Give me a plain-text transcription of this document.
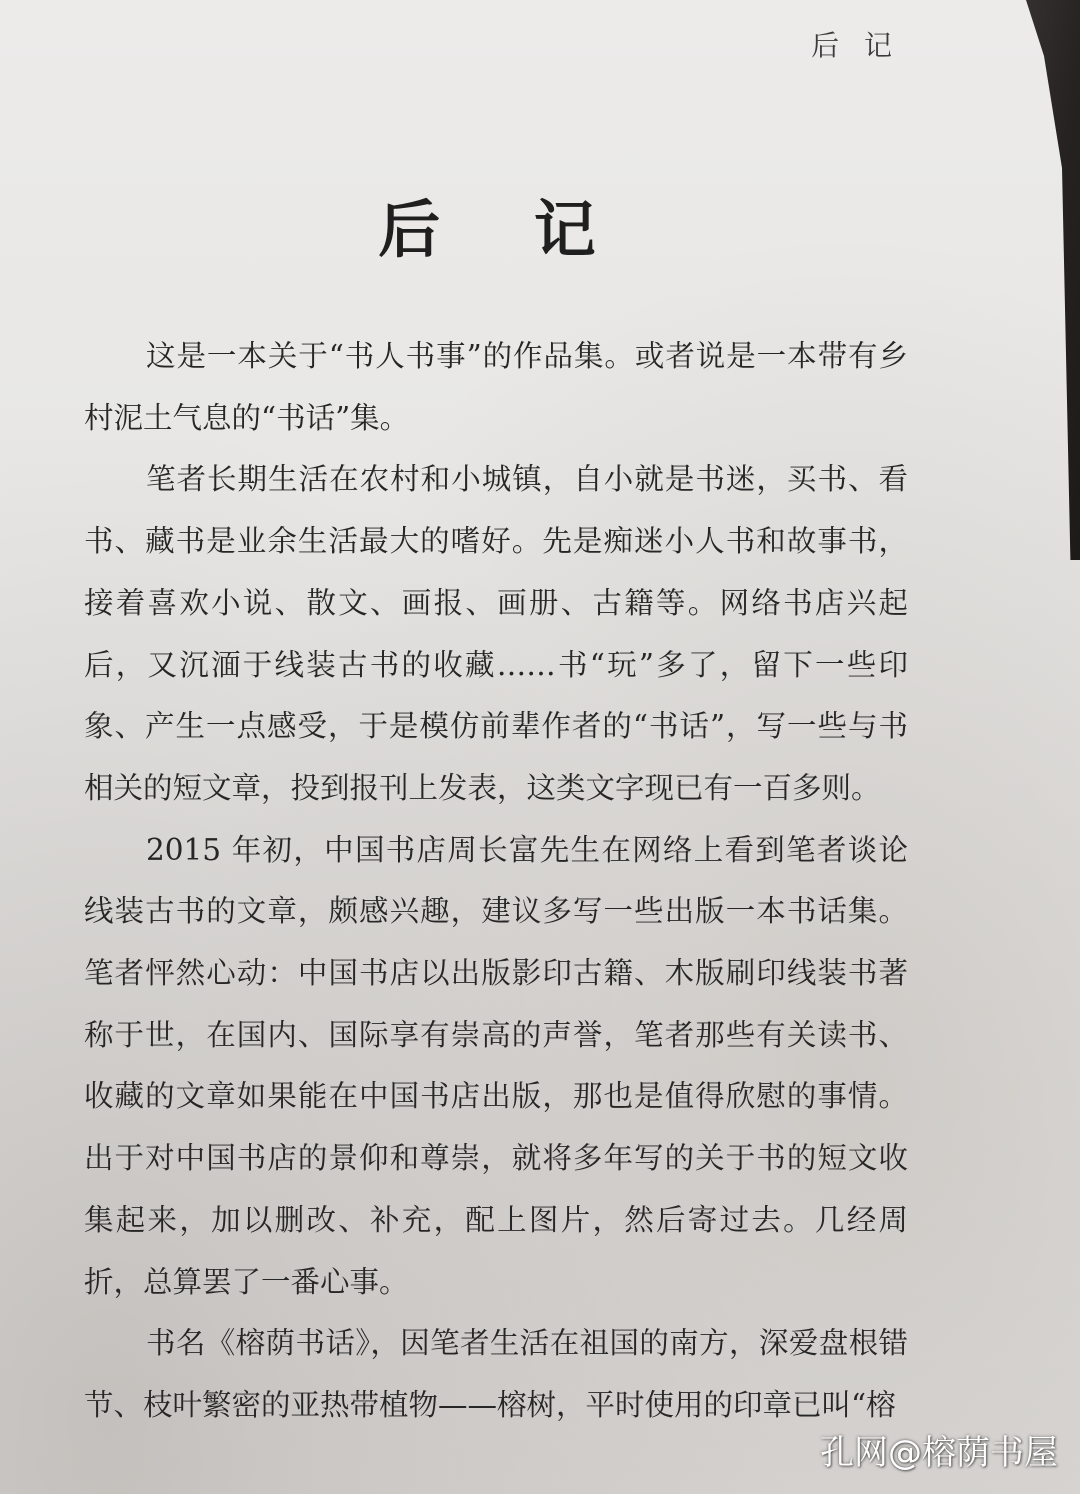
后 记
后 记

这是一本关于“书人书事”的作品集。或者说是一本带有乡村泥土气息的“书话”集。

笔者长期生活在农村和小城镇，自小就是书迷，买书、看书、藏书是业余生活最大的嗜好。先是痴迷小人书和故事书，接着喜欢小说、散文、画报、画册、古籍等。网络书店兴起后，又沉湎于线装古书的收藏……书“玩”多了，留下一些印象、产生一点感受，于是模仿前辈作者的“书话”，写一些与书相关的短文章，投到报刊上发表，这类文字现已有一百多则。

2015 年初，中国书店周长富先生在网络上看到笔者谈论线装古书的文章，颇感兴趣，建议多写一些出版一本书话集。笔者怦然心动：中国书店以出版影印古籍、木版刷印线装书著称于世，在国内、国际享有崇高的声誉，笔者那些有关读书、收藏的文章如果能在中国书店出版，那也是值得欣慰的事情。出于对中国书店的景仰和尊崇，就将多年写的关于书的短文收集起来，加以删改、补充，配上图片，然后寄过去。几经周折，总算罢了一番心事。

书名《榕荫书话》，因笔者生活在祖国的南方，深爱盘根错节、枝叶繁密的亚热带植物——榕树，平时使用的印章已叫“榕

孔网@榕荫书屋
